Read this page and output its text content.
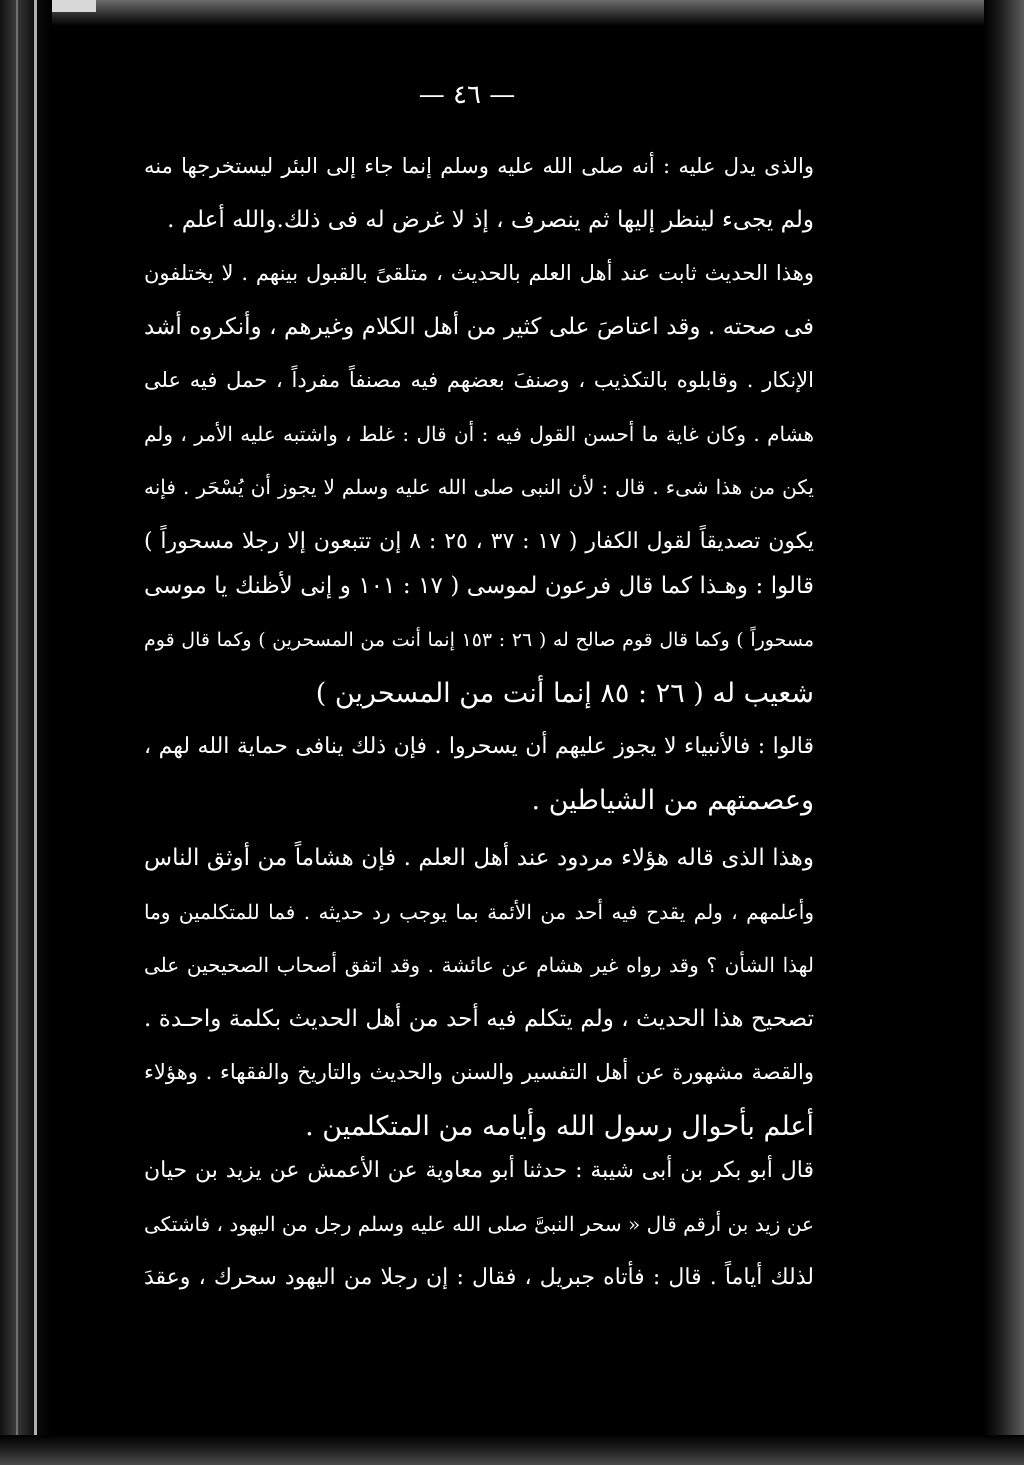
— ٤٦ —
والذى يدل عليه : أنه صلى الله عليه وسلم إنما جاء إلى البئر ليستخرجها منه
ولم يجىء لينظر إليها ثم ينصرف ، إذ لا غرض له فى ذلك.والله أعلم .
وهذا الحديث ثابت عند أهل العلم بالحديث ، متلقىً بالقبول بينهم . لا يختلفون
فى صحته . وقد اعتاصَ على كثير من أهل الكلام وغيرهم ، وأنكروه أشد
الإنكار . وقابلوه بالتكذيب ، وصنفَ بعضهم فيه مصنفاً مفرداً ، حمل فيه على
هشام . وكان غاية ما أحسن القول فيه : أن قال : غلط ، واشتبه عليه الأمر ، ولم
يكن من هذا شىء . قال : لأن النبى صلى الله عليه وسلم لا يجوز أن يُسْحَر . فإنه
يكون تصديقاً لقول الكفار ( ١٧ : ٣٧ ، ٢٥ : ٨ إن تتبعون إلا رجلا مسحوراً )
قالوا : وهـذا كما قال فرعون لموسى ( ١٧ : ١٠١ و إنى لأظنك يا موسى
مسحوراً ) وكما قال قوم صالح له ( ٢٦ : ١٥٣ إنما أنت من المسحرين ) وكما قال قوم
شعيب له ( ٢٦ : ٨٥ إنما أنت من المسحرين )
قالوا : فالأنبياء لا يجوز عليهم أن يسحروا . فإن ذلك ينافى حماية الله لهم ،
وعصمتهم من الشياطين .
وهذا الذى قاله هؤلاء مردود عند أهل العلم . فإن هشاماً من أوثق الناس
وأعلمهم ، ولم يقدح فيه أحد من الأئمة بما يوجب رد حديثه . فما للمتكلمين وما
لهذا الشأن ؟ وقد رواه غير هشام عن عائشة . وقد اتفق أصحاب الصحيحين على
تصحيح هذا الحديث ، ولم يتكلم فيه أحد من أهل الحديث بكلمة واحـدة .
والقصة مشهورة عن أهل التفسير والسنن والحديث والتاريخ والفقهاء . وهؤلاء
أعلم بأحوال رسول الله وأيامه من المتكلمين .
قال أبو بكر بن أبى شيبة : حدثنا أبو معاوية عن الأعمش عن يزيد بن حيان
عن زيد بن أرقم قال « سحر النبىَّ صلى الله عليه وسلم رجل من اليهود ، فاشتكى
لذلك أياماً . قال : فأتاه جبريل ، فقال : إن رجلا من اليهود سحرك ، وعقدَ
